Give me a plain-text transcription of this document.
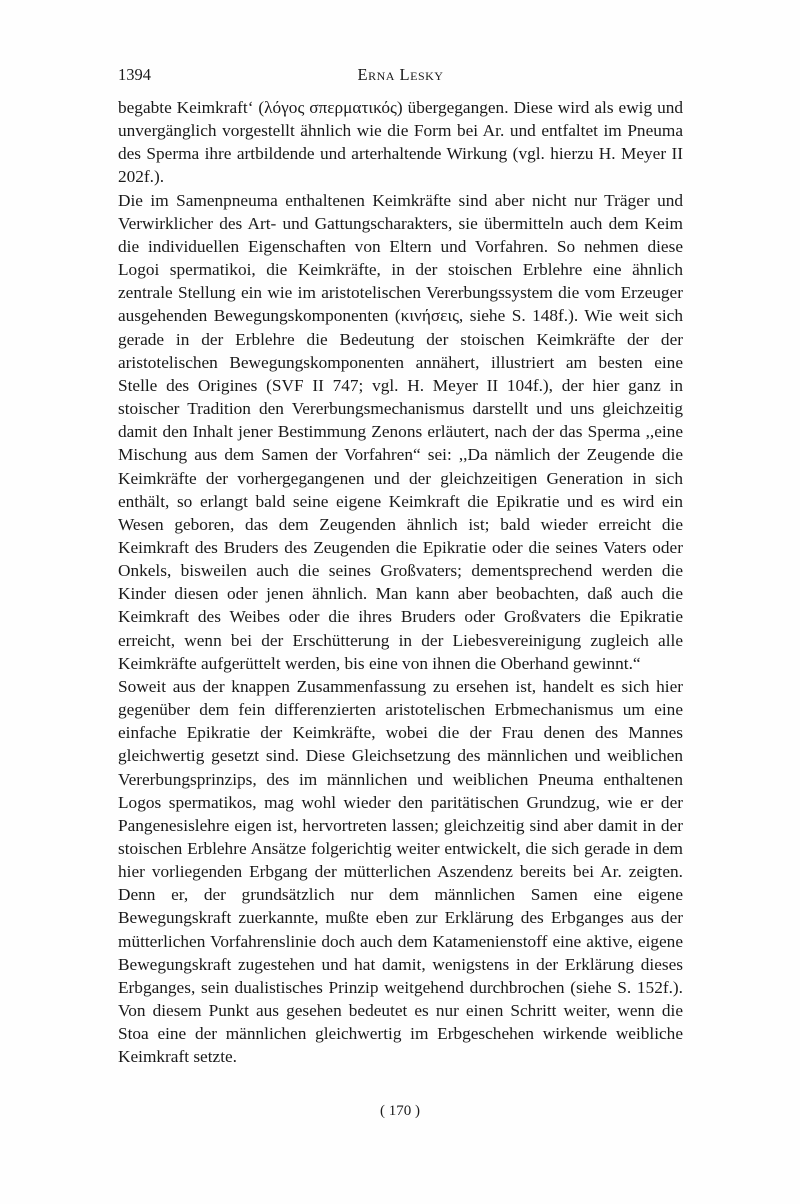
1394	Erna Lesky

begabte Keimkraft‘ (λόγος σπερματικός) übergegangen. Diese wird als ewig und unvergänglich vorgestellt ähnlich wie die Form bei Ar. und entfaltet im Pneuma des Sperma ihre artbildende und arterhaltende Wirkung (vgl. hierzu H. Meyer II 202f.).

Die im Samenpneuma enthaltenen Keimkräfte sind aber nicht nur Träger und Verwirklicher des Art- und Gattungscharakters, sie übermitteln auch dem Keim die individuellen Eigenschaften von Eltern und Vorfahren. So nehmen diese Logoi spermatikoi, die Keimkräfte, in der stoischen Erblehre eine ähnlich zentrale Stellung ein wie im aristotelischen Vererbungssystem die vom Erzeuger ausgehenden Bewegungskomponenten (κινήσεις, siehe S. 148f.). Wie weit sich gerade in der Erblehre die Bedeutung der stoischen Keimkräfte der der aristotelischen Bewegungskomponenten annähert, illustriert am besten eine Stelle des Origines (SVF II 747; vgl. H. Meyer II 104f.), der hier ganz in stoischer Tradition den Vererbungsmechanismus darstellt und uns gleichzeitig damit den Inhalt jener Bestimmung Zenons erläutert, nach der das Sperma ,,eine Mischung aus dem Samen der Vorfahren“ sei: ,,Da nämlich der Zeugende die Keimkräfte der vorhergegangenen und der gleichzeitigen Generation in sich enthält, so erlangt bald seine eigene Keimkraft die Epikratie und es wird ein Wesen geboren, das dem Zeugenden ähnlich ist; bald wieder erreicht die Keimkraft des Bruders des Zeugenden die Epikratie oder die seines Vaters oder Onkels, bisweilen auch die seines Großvaters; dementsprechend werden die Kinder diesen oder jenen ähnlich. Man kann aber beobachten, daß auch die Keimkraft des Weibes oder die ihres Bruders oder Großvaters die Epikratie erreicht, wenn bei der Erschütterung in der Liebesvereinigung zugleich alle Keimkräfte aufgerüttelt werden, bis eine von ihnen die Oberhand gewinnt.“

Soweit aus der knappen Zusammenfassung zu ersehen ist, handelt es sich hier gegenüber dem fein differenzierten aristotelischen Erbmechanismus um eine einfache Epikratie der Keimkräfte, wobei die der Frau denen des Mannes gleichwertig gesetzt sind. Diese Gleichsetzung des männlichen und weiblichen Vererbungsprinzips, des im männlichen und weiblichen Pneuma enthaltenen Logos spermatikos, mag wohl wieder den paritätischen Grundzug, wie er der Pangenesislehre eigen ist, hervortreten lassen; gleichzeitig sind aber damit in der stoischen Erblehre Ansätze folgerichtig weiter entwickelt, die sich gerade in dem hier vorliegenden Erbgang der mütterlichen Aszendenz bereits bei Ar. zeigten. Denn er, der grundsätzlich nur dem männlichen Samen eine eigene Bewegungskraft zuerkannte, mußte eben zur Erklärung des Erbganges aus der mütterlichen Vorfahrenslinie doch auch dem Katamenienstoff eine aktive, eigene Bewegungskraft zugestehen und hat damit, wenigstens in der Erklärung dieses Erbganges, sein dualistisches Prinzip weitgehend durchbrochen (siehe S. 152f.). Von diesem Punkt aus gesehen bedeutet es nur einen Schritt weiter, wenn die Stoa eine der männlichen gleichwertig im Erbgeschehen wirkende weibliche Keimkraft setzte.

( 170 )
